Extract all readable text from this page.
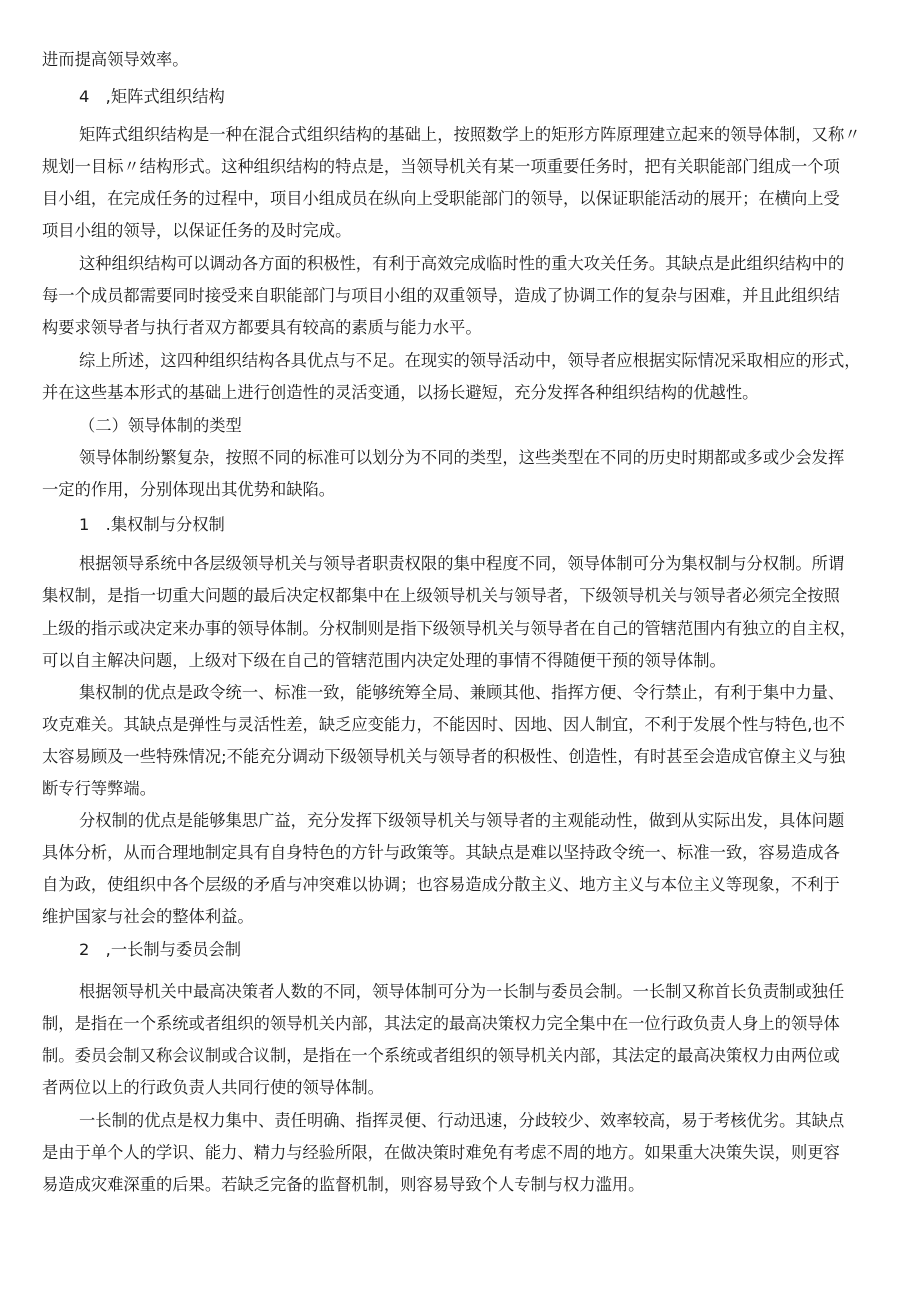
进而提高领导效率。

4　,矩阵式组织结构

矩阵式组织结构是一种在混合式组织结构的基础上，按照数学上的矩形方阵原理建立起来的领导体制，又称〃

规划一目标〃结构形式。这种组织结构的特点是，当领导机关有某一项重要任务时，把有关职能部门组成一个项

目小组，在完成任务的过程中，项目小组成员在纵向上受职能部门的领导，以保证职能活动的展开；在横向上受

项目小组的领导，以保证任务的及时完成。

这种组织结构可以调动各方面的积极性，有利于高效完成临时性的重大攻关任务。其缺点是此组织结构中的

每一个成员都需要同时接受来自职能部门与项目小组的双重领导，造成了协调工作的复杂与困难，并且此组织结

构要求领导者与执行者双方都要具有较高的素质与能力水平。

综上所述，这四种组织结构各具优点与不足。在现实的领导活动中，领导者应根据实际情况采取相应的形式，

并在这些基本形式的基础上进行创造性的灵活变通，以扬长避短，充分发挥各种组织结构的优越性。

（二）领导体制的类型

领导体制纷繁复杂，按照不同的标准可以划分为不同的类型，这些类型在不同的历史时期都或多或少会发挥

一定的作用，分别体现出其优势和缺陷。

1　.集权制与分权制

根据领导系统中各层级领导机关与领导者职责权限的集中程度不同，领导体制可分为集权制与分权制。所谓

集权制，是指一切重大问题的最后决定权都集中在上级领导机关与领导者，下级领导机关与领导者必须完全按照

上级的指示或决定来办事的领导体制。分权制则是指下级领导机关与领导者在自己的管辖范围内有独立的自主权，

可以自主解决问题，上级对下级在自己的管辖范围内决定处理的事情不得随便干预的领导体制。

集权制的优点是政令统一、标准一致，能够统筹全局、兼顾其他、指挥方便、令行禁止，有利于集中力量、

攻克难关。其缺点是弹性与灵活性差，缺乏应变能力，不能因时、因地、因人制宜，不利于发展个性与特色,也不

太容易顾及一些特殊情况;不能充分调动下级领导机关与领导者的积极性、创造性，有时甚至会造成官僚主义与独

断专行等弊端。

分权制的优点是能够集思广益，充分发挥下级领导机关与领导者的主观能动性，做到从实际出发，具体问题

具体分析，从而合理地制定具有自身特色的方针与政策等。其缺点是难以坚持政令统一、标准一致，容易造成各

自为政，使组织中各个层级的矛盾与冲突难以协调；也容易造成分散主义、地方主义与本位主义等现象，不利于

维护国家与社会的整体利益。

2　,一长制与委员会制

根据领导机关中最高决策者人数的不同，领导体制可分为一长制与委员会制。一长制又称首长负责制或独任

制，是指在一个系统或者组织的领导机关内部，其法定的最高决策权力完全集中在一位行政负责人身上的领导体

制。委员会制又称会议制或合议制，是指在一个系统或者组织的领导机关内部，其法定的最高决策权力由两位或

者两位以上的行政负责人共同行使的领导体制。

一长制的优点是权力集中、责任明确、指挥灵便、行动迅速，分歧较少、效率较高，易于考核优劣。其缺点

是由于单个人的学识、能力、精力与经验所限，在做决策时难免有考虑不周的地方。如果重大决策失误，则更容

易造成灾难深重的后果。若缺乏完备的监督机制，则容易导致个人专制与权力滥用。
